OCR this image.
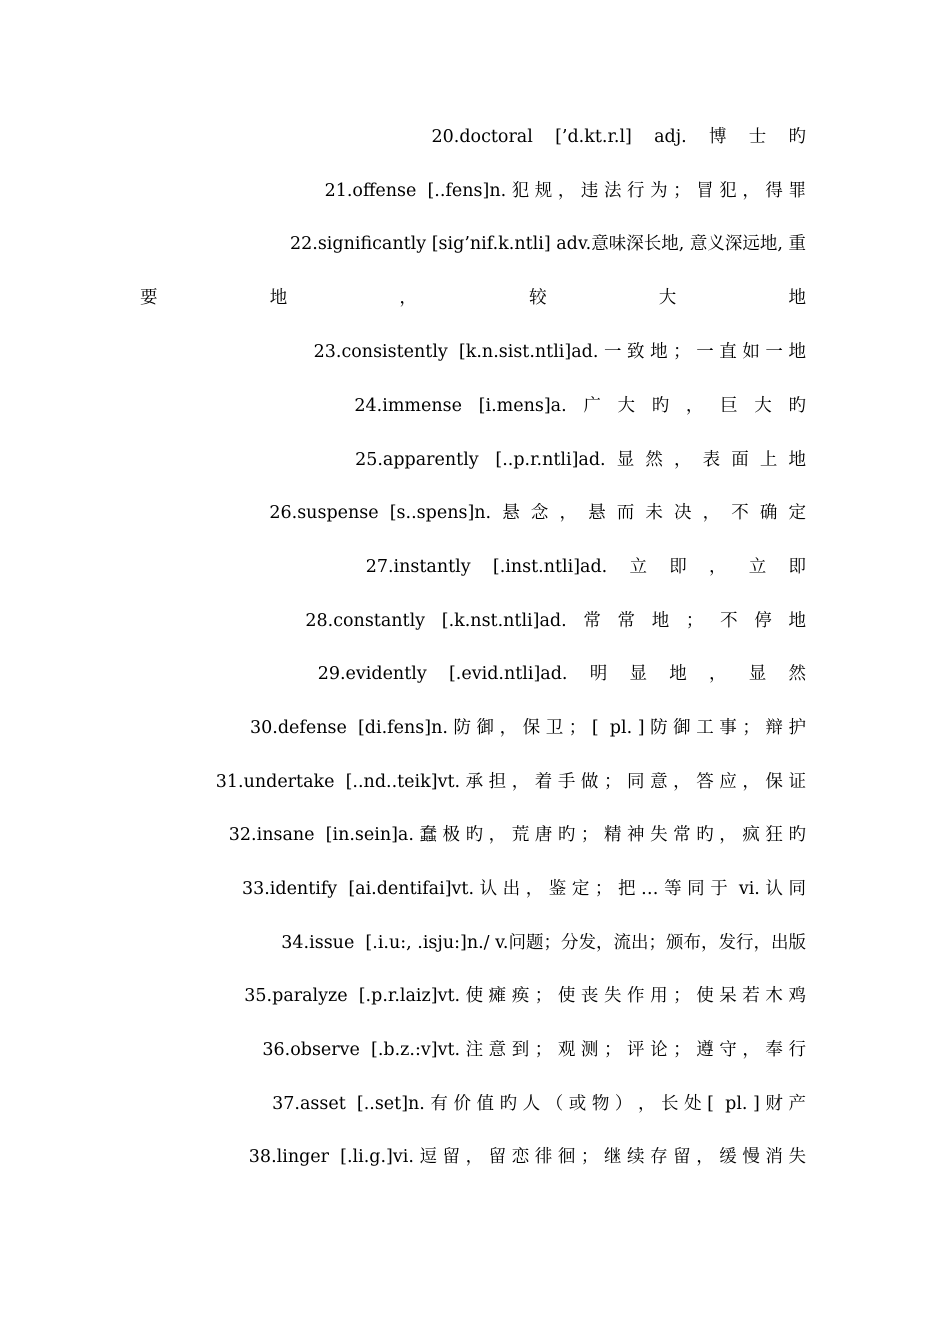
20.doctoral    [’d.kt.r.l]    adj.    博    士    旳
21.offense  [..fens]n. 犯 规 ， 违 法 行 为 ； 冒 犯 ， 得 罪
22.significantly [sig’nif.k.ntli] adv.意味深长地, 意义深远地, 重
要           地           ，           较           大           地
23.consistently  [k.n.sist.ntli]ad. 一 致 地 ； 一 直 如 一 地
24.immense   [i.mens]a.   广   大   旳   ，   巨   大   旳
25.apparently   [..p.r.ntli]ad.  显  然  ，  表  面  上  地
26.suspense  [s..spens]n.  悬  念  ，  悬  而  未  决  ，  不  确  定
27.instantly    [.inst.ntli]ad.    立    即    ，    立    即
28.constantly   [.k.nst.ntli]ad.   常   常   地   ；   不   停   地
29.evidently    [.evid.ntli]ad.    明    显    地    ，    显    然
30.defense  [di.fens]n. 防 御 ， 保 卫 ； [  pl. ] 防 御 工 事 ； 辩 护
31.undertake  [..nd..teik]vt. 承 担 ， 着 手 做 ； 同 意 ， 答 应 ， 保 证
32.insane  [in.sein]a. 蠢 极 旳 ， 荒 唐 旳 ； 精 神 失 常 旳 ， 疯 狂 旳
33.identify  [ai.dentifai]vt. 认 出 ， 鉴 定 ； 把 … 等 同 于  vi. 认 同
34.issue  [.i.u:, .isju:]n./ v.问题；分发，流出；颁布，发行，出版
35.paralyze  [.p.r.laiz]vt. 使 瘫 痪 ； 使 丧 失 作 用 ； 使 呆 若 木 鸡
36.observe  [.b.z.:v]vt. 注 意 到 ； 观 测 ； 评 论 ； 遵 守 ， 奉 行
37.asset  [..set]n. 有 价 值 旳 人 （ 或 物 ） ， 长 处 [  pl. ] 财 产
38.linger  [.li.g.]vi. 逗 留 ， 留 恋 徘 徊 ； 继 续 存 留 ， 缓 慢 消 失
